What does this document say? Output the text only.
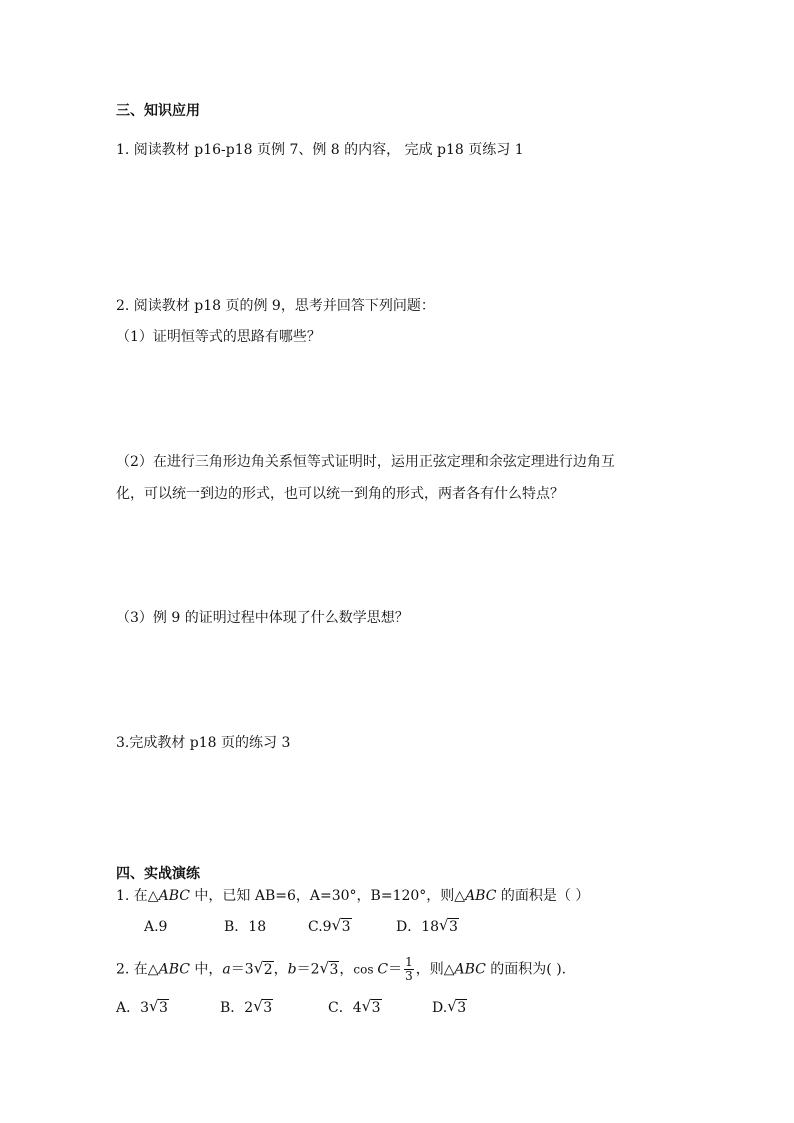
三、知识应用
1. 阅读教材 p16-p18 页例 7、例 8 的内容， 完成 p18 页练习 1
2. 阅读教材 p18 页的例 9，思考并回答下列问题：
（1）证明恒等式的思路有哪些？
（2）在进行三角形边角关系恒等式证明时，运用正弦定理和余弦定理进行边角互
化，可以统一到边的形式，也可以统一到角的形式，两者各有什么特点？
（3）例 9 的证明过程中体现了什么数学思想？
3.完成教材 p18 页的练习 3
四、实战演练
1. 在△ABC 中，已知 AB=6，A=30°，B=120°，则△ABC 的面积是（ ）
A.9	B．18	C.9 √ 3	D．18 √ 3
2. 在△ABC 中，a＝3 √ 2，b＝2 √ 3，$\cos C= \frac{1}{3}$ ，则△ABC 的面积为( ).
A．3 √ 3	B．2 √ 3	C．4 √ 3	D. √ 3
